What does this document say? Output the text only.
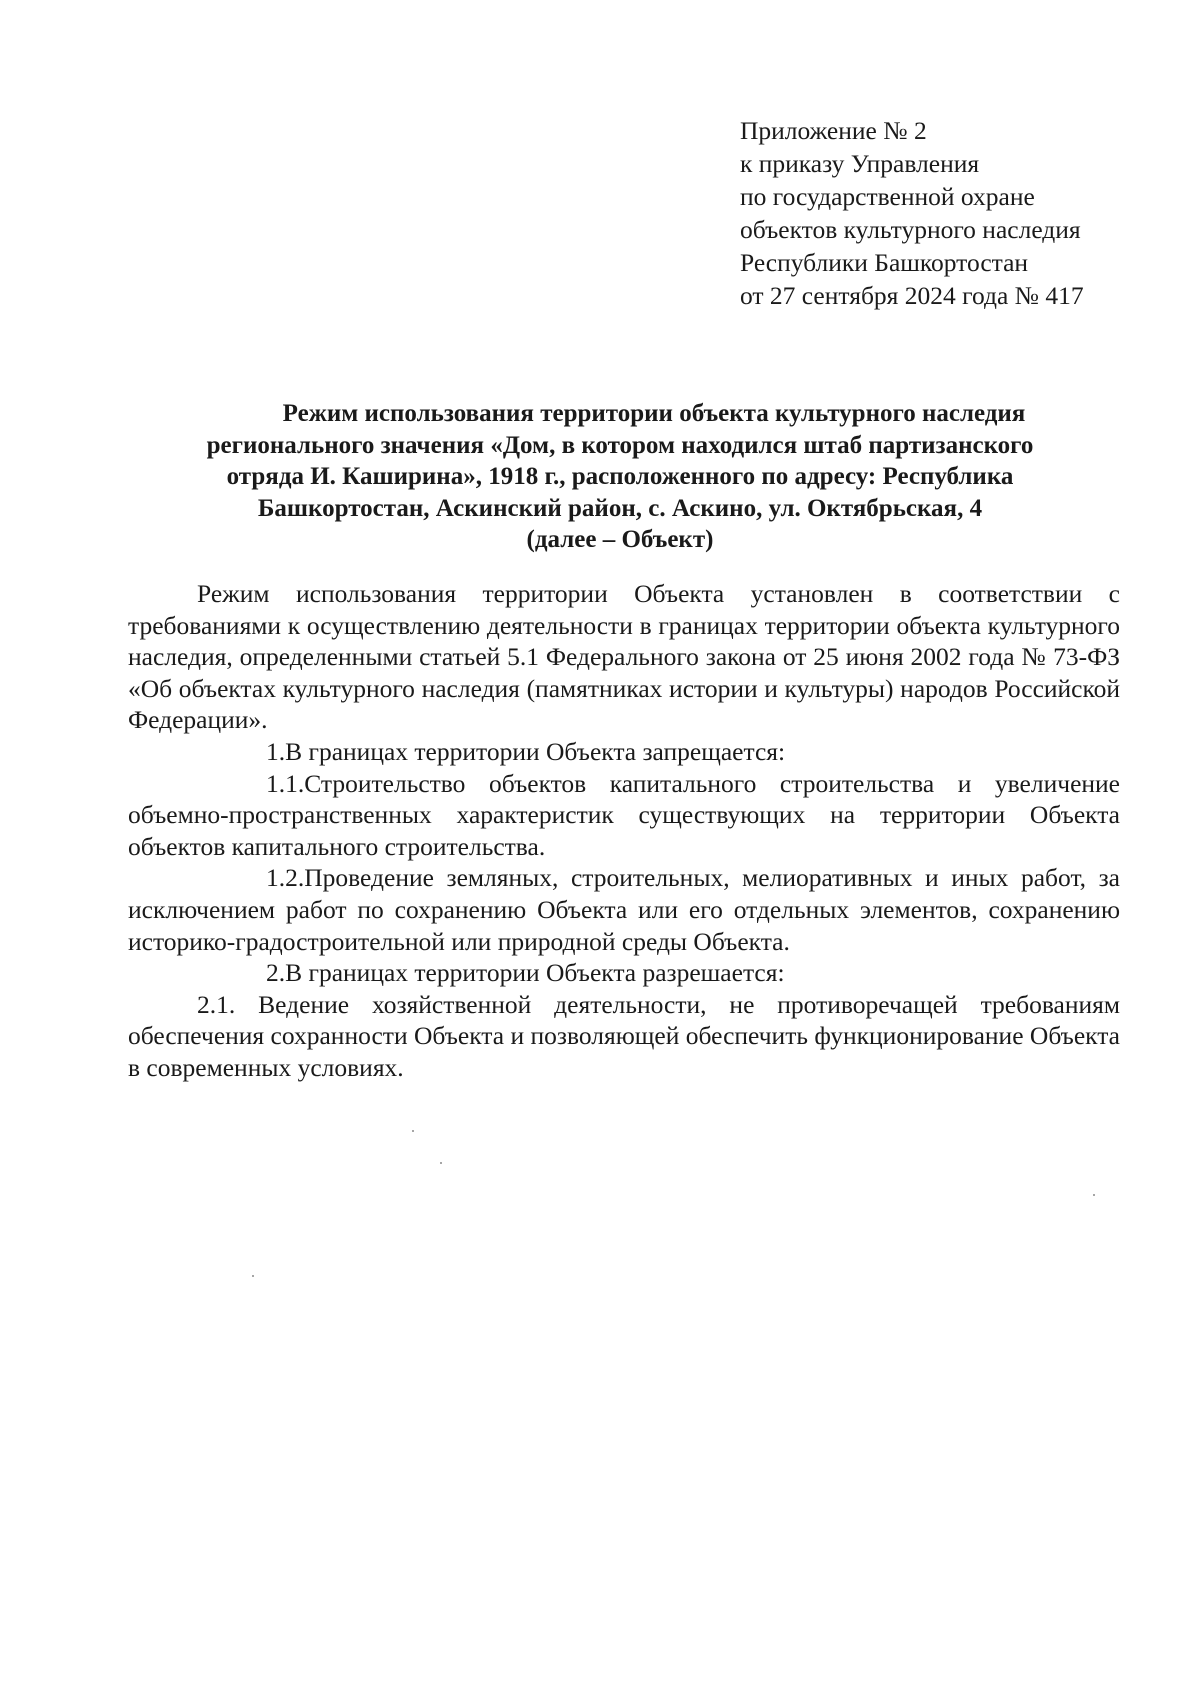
Приложение № 2
к приказу Управления
по государственной охране
объектов культурного наследия
Республики Башкортостан
от 27 сентября 2024 года № 417
Режим использования территории объекта культурного наследия
регионального значения «Дом, в котором находился штаб партизанского
отряда И. Каширина», 1918 г., расположенного по адресу: Республика
Башкортостан, Аскинский район, с. Аскино, ул. Октябрьская, 4
(далее – Объект)

Режим использования территории Объекта установлен в соответствии с требованиями к осуществлению деятельности в границах территории объекта культурного наследия, определенными статьей 5.1 Федерального закона от 25 июня 2002 года № 73-ФЗ «Об объектах культурного наследия (памятниках истории и культуры) народов Российской Федерации».

1.В границах территории Объекта запрещается:

1.1.Строительство объектов капитального строительства и увеличение объемно-пространственных характеристик существующих на территории Объекта объектов капитального строительства.

1.2.Проведение земляных, строительных, мелиоративных и иных работ, за исключением работ по сохранению Объекта или его отдельных элементов, сохранению историко-градостроительной или природной среды Объекта.

2.В границах территории Объекта разрешается:

2.1. Ведение хозяйственной деятельности, не противоречащей требованиям обеспечения сохранности Объекта и позволяющей обеспечить функционирование Объекта в современных условиях.
